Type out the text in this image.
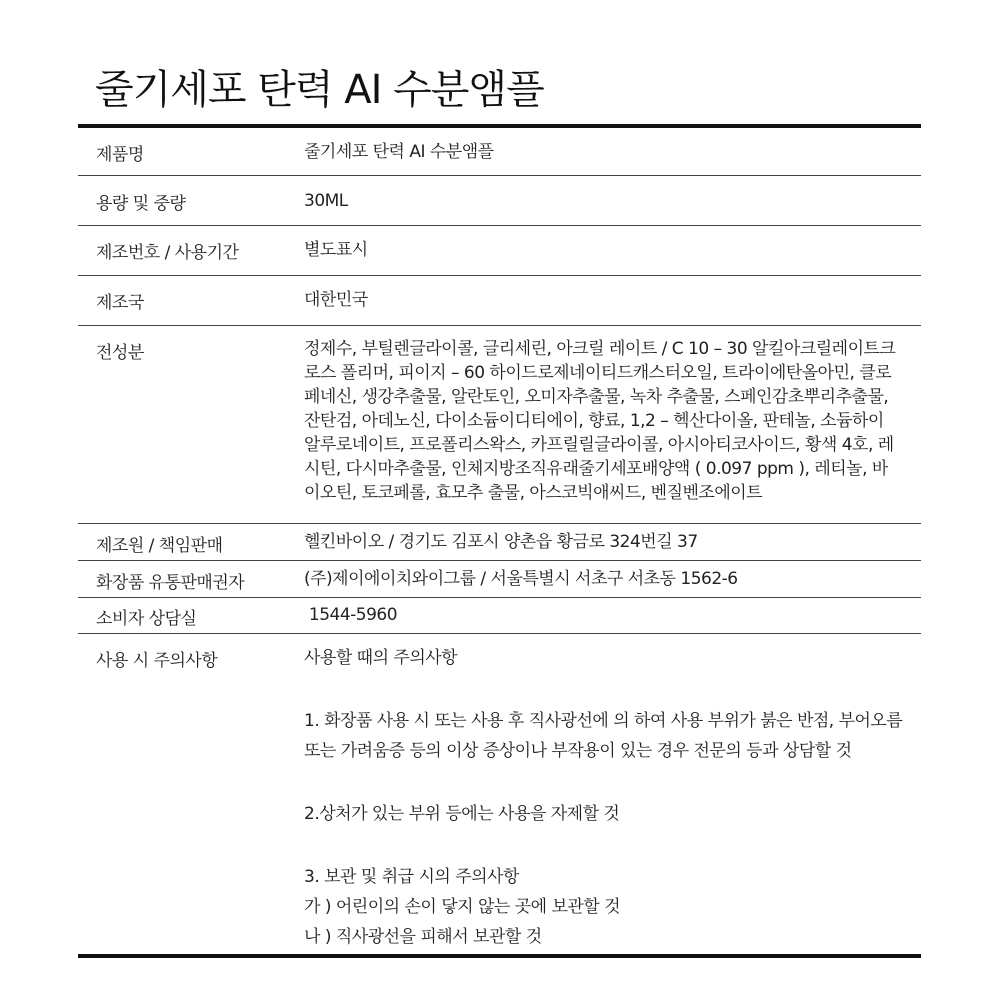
줄기세포 탄력 AI 수분앰플
제품명	줄기세포 탄력 AI 수분앰플
용량 및 중량	30ML
제조번호 / 사용기간	별도표시
제조국	대한민국
전성분	정제수, 부틸렌글라이콜, 글리세린, 아크릴 레이트 / C 10 – 30 알킬아크릴레이트크
로스 폴리머, 피이지 – 60 하이드로제네이티드캐스터오일, 트라이에탄올아민, 클로
페네신, 생강추출물, 알란토인, 오미자추출물, 녹차 추출물, 스페인감초뿌리추출물,
잔탄검, 아데노신, 다이소듐이디티에이, 향료, 1,2 – 헥산다이올, 판테놀, 소듐하이
알루로네이트, 프로폴리스왁스, 카프릴릴글라이콜, 아시아티코사이드, 황색 4호, 레
시틴, 다시마추출물, 인체지방조직유래줄기세포배양액 ( 0.097 ppm ), 레티놀, 바
이오틴, 토코페롤, 효모추 출물, 아스코빅애씨드, 벤질벤조에이트
제조원 / 책임판매	헬킨바이오 / 경기도 김포시 양촌읍 황금로 324번길 37
화장품 유통판매권자	(주)제이에이치와이그룹 / 서울특별시 서초구 서초동 1562-6
소비자 상담실	1544-5960
사용 시 주의사항	사용할 때의 주의사항
1. 화장품 사용 시 또는 사용 후 직사광선에 의 하여 사용 부위가 붉은 반점, 부어오름
또는 가려움증 등의 이상 증상이나 부작용이 있는 경우 전문의 등과 상담할 것
2.상처가 있는 부위 등에는 사용을 자제할 것
3. 보관 및 취급 시의 주의사항
가 ) 어린이의 손이 닿지 않는 곳에 보관할 것
나 ) 직사광선을 피해서 보관할 것
